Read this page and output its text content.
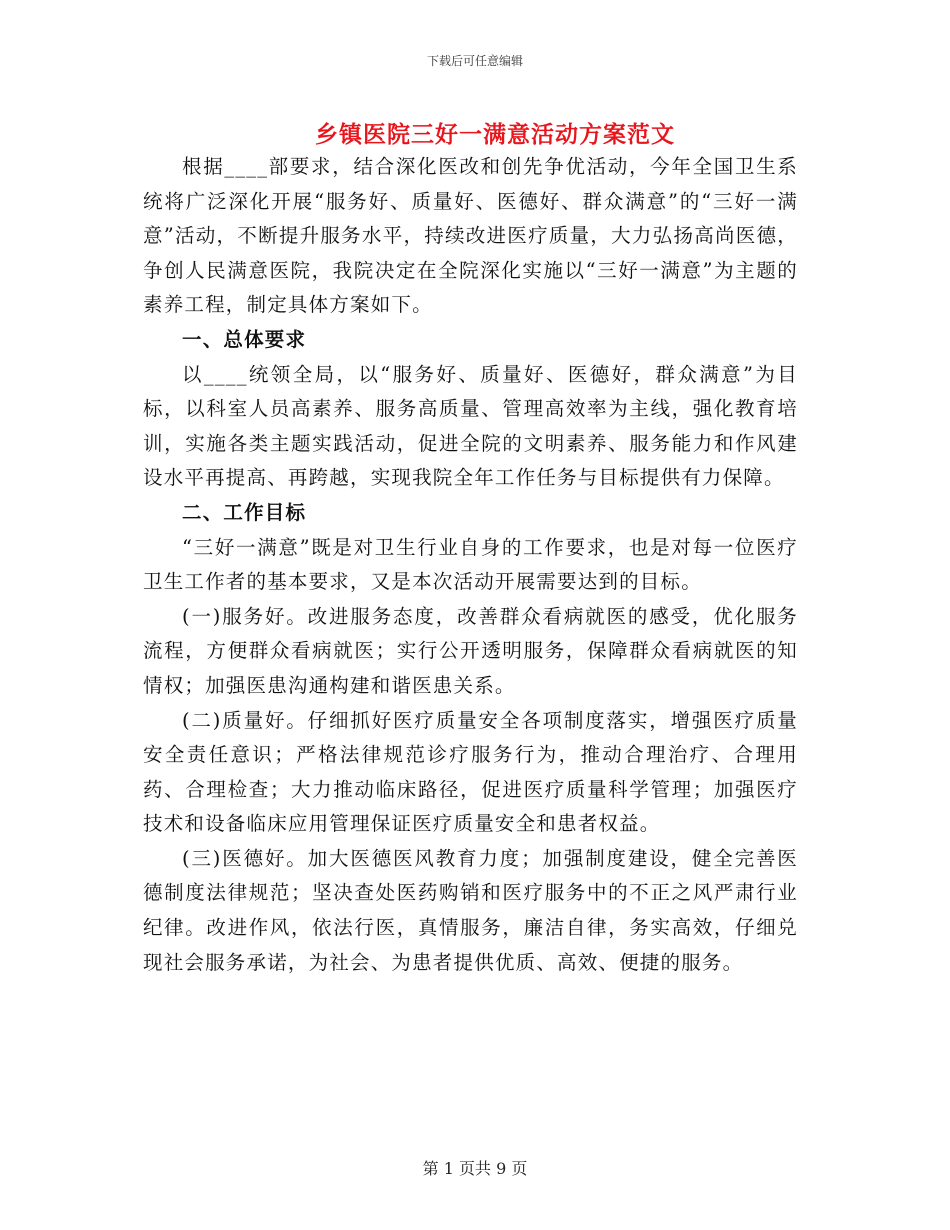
下载后可任意编辑
乡镇医院三好一满意活动方案范文

根据____部要求，结合深化医改和创先争优活动，今年全国卫生系统将广泛深化开展“服务好、质量好、医德好、群众满意”的“三好一满意”活动，不断提升服务水平，持续改进医疗质量，大力弘扬高尚医德，争创人民满意医院，我院决定在全院深化实施以“三好一满意”为主题的素养工程，制定具体方案如下。

一、总体要求

以____统领全局，以“服务好、质量好、医德好，群众满意”为目标，以科室人员高素养、服务高质量、管理高效率为主线，强化教育培训，实施各类主题实践活动，促进全院的文明素养、服务能力和作风建设水平再提高、再跨越，实现我院全年工作任务与目标提供有力保障。

二、工作目标

“三好一满意”既是对卫生行业自身的工作要求，也是对每一位医疗卫生工作者的基本要求，又是本次活动开展需要达到的目标。

(一)服务好。改进服务态度，改善群众看病就医的感受，优化服务流程，方便群众看病就医；实行公开透明服务，保障群众看病就医的知情权；加强医患沟通构建和谐医患关系。

(二)质量好。仔细抓好医疗质量安全各项制度落实，增强医疗质量安全责任意识；严格法律规范诊疗服务行为，推动合理治疗、合理用药、合理检查；大力推动临床路径，促进医疗质量科学管理；加强医疗技术和设备临床应用管理保证医疗质量安全和患者权益。

(三)医德好。加大医德医风教育力度；加强制度建设，健全完善医德制度法律规范；坚决查处医药购销和医疗服务中的不正之风严肃行业纪律。改进作风，依法行医，真情服务，廉洁自律，务实高效，仔细兑现社会服务承诺，为社会、为患者提供优质、高效、便捷的服务。

第 1 页共 9 页
